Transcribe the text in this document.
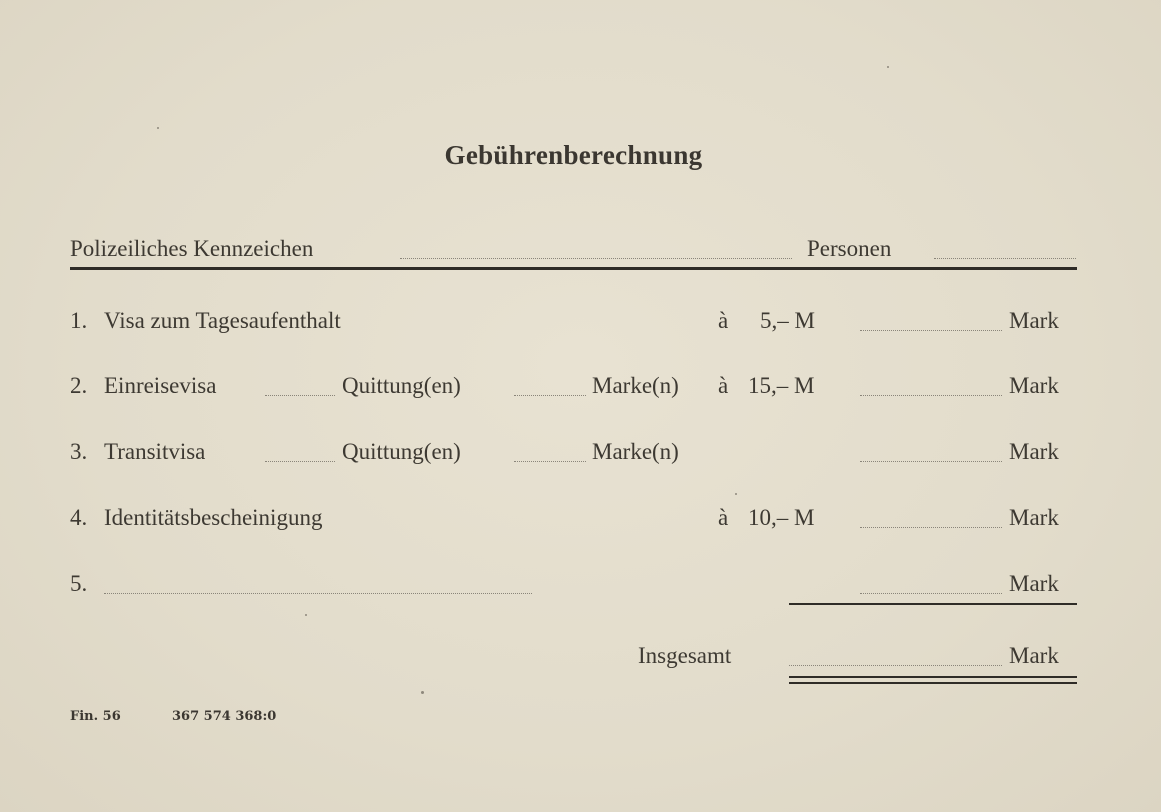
Gebührenberechnung
Polizeiliches Kennzeichen	Personen
1. Visa zum Tagesaufenthalt	à 5,– M	Mark
2. Einreisevisa	Quittung(en)	Marke(n) à 15,– M	Mark
3. Transitvisa	Quittung(en)	Marke(n)	Mark
4. Identitätsbescheinigung	à 10,– M	Mark
5.	Mark
Insgesamt	Mark
Fin. 56	367 574 368:0
